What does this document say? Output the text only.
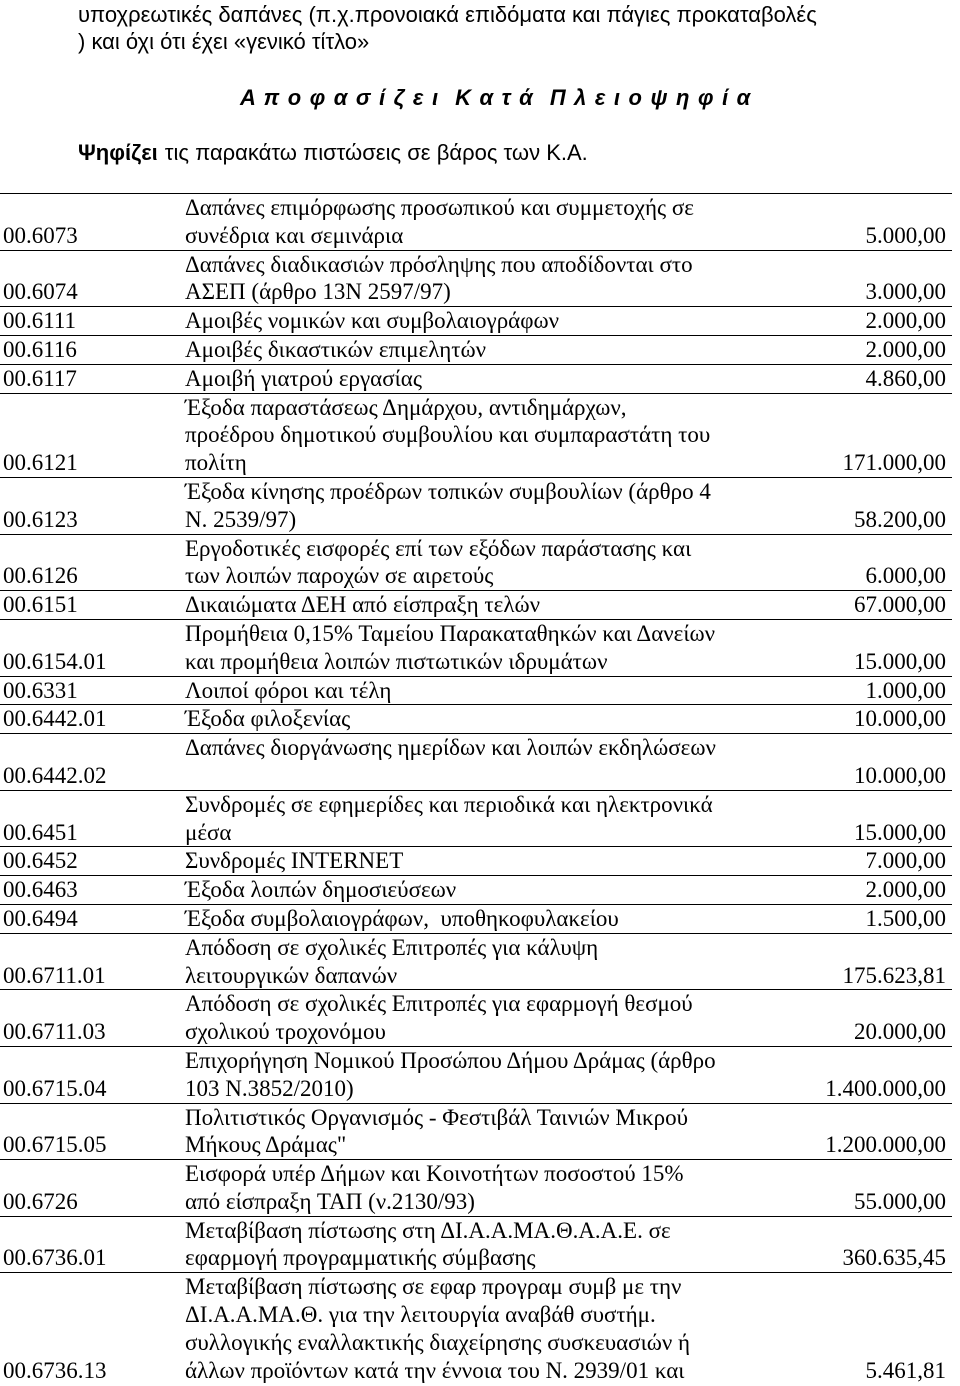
υποχρεωτικές δαπάνες (π.χ.προνοιακά επιδόματα και πάγιες προκαταβολές
) και όχι ότι έχει «γενικό τίτλο»
Α π ο φ α σ ί ζ ε ι  Κ α τ ά  Π λ ε ι ο ψ η φ ί α
Ψηφίζει τις παρακάτω πιστώσεις σε βάρος των Κ.Α.
00.6073	Δαπάνες επιμόρφωσης προσωπικού και συμμετοχής σε
συνέδρια και σεμινάρια	5.000,00
00.6074	Δαπάνες διαδικασιών πρόσληψης που αποδίδονται στο
ΑΣΕΠ (άρθρο 13Ν 2597/97)	3.000,00
00.6111	Αμοιβές νομικών και συμβολαιογράφων	2.000,00
00.6116	Αμοιβές δικαστικών επιμελητών	2.000,00
00.6117	Αμοιβή γιατρού εργασίας	4.860,00
00.6121	Έξοδα παραστάσεως Δημάρχου, αντιδημάρχων,
προέδρου δημοτικού συμβουλίου και συμπαραστάτη του
πολίτη	171.000,00
00.6123	Έξοδα κίνησης προέδρων τοπικών συμβουλίων (άρθρο 4
Ν. 2539/97)	58.200,00
00.6126	Εργοδοτικές εισφορές επί των εξόδων παράστασης και
των λοιπών παροχών σε αιρετούς	6.000,00
00.6151	Δικαιώματα ΔΕΗ από είσπραξη τελών	67.000,00
00.6154.01	Προμήθεια 0,15% Ταμείου Παρακαταθηκών και Δανείων
και προμήθεια λοιπών πιστωτικών ιδρυμάτων	15.000,00
00.6331	Λοιποί φόροι και τέλη	1.000,00
00.6442.01	Έξοδα φιλοξενίας	10.000,00
00.6442.02	Δαπάνες διοργάνωσης ημερίδων και λοιπών εκδηλώσεων	10.000,00
00.6451	Συνδρομές σε εφημερίδες και περιοδικά και ηλεκτρονικά
μέσα	15.000,00
00.6452	Συνδρομές INTERNET	7.000,00
00.6463	Έξοδα λοιπών δημοσιεύσεων	2.000,00
00.6494	Έξοδα συμβολαιογράφων,  υποθηκοφυλακείου	1.500,00
00.6711.01	Απόδοση σε σχολικές Επιτροπές για κάλυψη
λειτουργικών δαπανών	175.623,81
00.6711.03	Απόδοση σε σχολικές Επιτροπές για εφαρμογή θεσμού
σχολικού τροχονόμου	20.000,00
00.6715.04	Επιχορήγηση Νομικού Προσώπου Δήμου Δράμας (άρθρο
103 Ν.3852/2010)	1.400.000,00
00.6715.05	Πολιτιστικός Οργανισμός - Φεστιβάλ Ταινιών Μικρού
Μήκους Δράμας"	1.200.000,00
00.6726	Εισφορά υπέρ Δήμων και Κοινοτήτων ποσοστού 15%
από είσπραξη ΤΑΠ (ν.2130/93)	55.000,00
00.6736.01	Μεταβίβαση πίστωσης στη ΔΙ.Α.Α.ΜΑ.Θ.Α.Α.Ε. σε
εφαρμογή προγραμματικής σύμβασης	360.635,45
00.6736.13	Μεταβίβαση πίστωσης σε εφαρ προγραμ συμβ με την
ΔΙ.Α.Α.ΜΑ.Θ. για την λειτουργία αναβάθ συστήμ.
συλλογικής εναλλακτικής διαχείρησης συσκευασιών ή
άλλων προϊόντων κατά την έννοια του Ν. 2939/01 και	5.461,81
